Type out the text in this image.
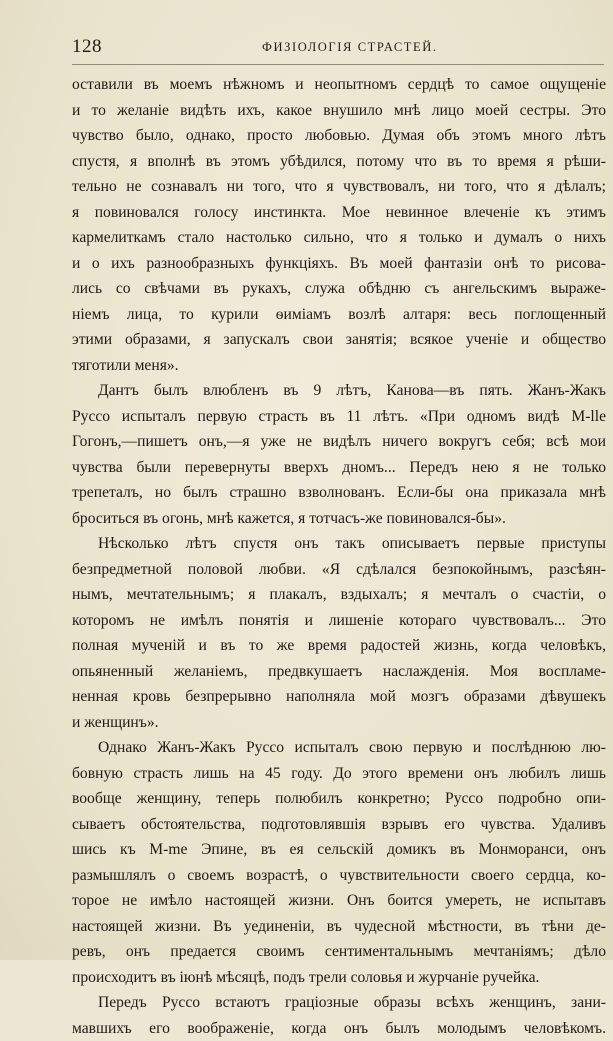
128	ФИЗІОЛОГІЯ СТРАСТЕЙ.
оставили въ моемъ нѣжномъ и неопытномъ сердцѣ то самое ощущеніе
и то желаніе видѣть ихъ, какое внушило мнѣ лицо моей сестры. Это
чувство было, однако, просто любовью. Думая объ этомъ много лѣтъ
спустя, я вполнѣ въ этомъ убѣдился, потому что въ то время я рѣши-
тельно не сознавалъ ни того, что я чувствовалъ, ни того, что я дѣлалъ;
я повиновался голосу инстинкта. Мое невинное влеченіе къ этимъ
кармелиткамъ стало настолько сильно, что я только и думалъ о нихъ
и о ихъ разнообразныхъ функціяхъ. Въ моей фантазіи онѣ то рисова-
лись со свѣчами въ рукахъ, служа обѣдню съ ангельскимъ выраже-
ніемъ лица, то курили ѳиміамъ возлѣ алтаря: весь поглощенный
этими образами, я запускалъ свои занятія; всякое ученіе и общество
тяготили меня».
Дантъ былъ влюбленъ въ 9 лѣтъ, Канова—въ пять. Жанъ-Жакъ
Руссо испыталъ первую страсть въ 11 лѣтъ. «При одномъ видѣ M-lle
Гогонъ,—пишетъ онъ,—я уже не видѣлъ ничего вокругъ себя; всѣ мои
чувства были перевернуты вверхъ дномъ... Передъ нею я не только
трепеталъ, но былъ страшно взволнованъ. Если-бы она приказала мнѣ
броситься въ огонь, мнѣ кажется, я тотчасъ-же повиновался-бы».
Нѣсколько лѣтъ спустя онъ такъ описываетъ первые приступы
безпредметной половой любви. «Я сдѣлался безпокойнымъ, разсѣян-
нымъ, мечтательнымъ; я плакалъ, вздыхалъ; я мечталъ о счастіи, о
которомъ не имѣлъ понятія и лишеніе котораго чувствовалъ... Это
полная мученій и въ то же время радостей жизнь, когда человѣкъ,
опьяненный желаніемъ, предвкушаетъ наслажденія. Моя воспламе-
ненная кровь безпрерывно наполняла мой мозгъ образами дѣвушекъ
и женщинъ».
Однако Жанъ-Жакъ Руссо испыталъ свою первую и послѣднюю лю-
бовную страсть лишь на 45 году. До этого времени онъ любилъ лишь
вообще женщину, теперь полюбилъ конкретно; Руссо подробно опи-
сываетъ обстоятельства, подготовлявшія взрывъ его чувства. Удаливъ
шись къ M-me Эпине, въ ея сельскій домикъ въ Монморанси, онъ
размышлялъ о своемъ возрастѣ, о чувствительности своего сердца, ко-
торое не имѣло настоящей жизни. Онъ боится умереть, не испытавъ
настоящей жизни. Въ уединеніи, въ чудесной мѣстности, въ тѣни де-
ревъ, онъ предается своимъ сентиментальнымъ мечтаніямъ; дѣло
происходитъ въ іюнѣ мѣсяцѣ, подъ трели соловья и журчаніе ручейка.
Передъ Руссо встаютъ граціозные образы всѣхъ женщинъ, зани-
мавшихъ его воображеніе, когда онъ былъ молодымъ человѣкомъ.
